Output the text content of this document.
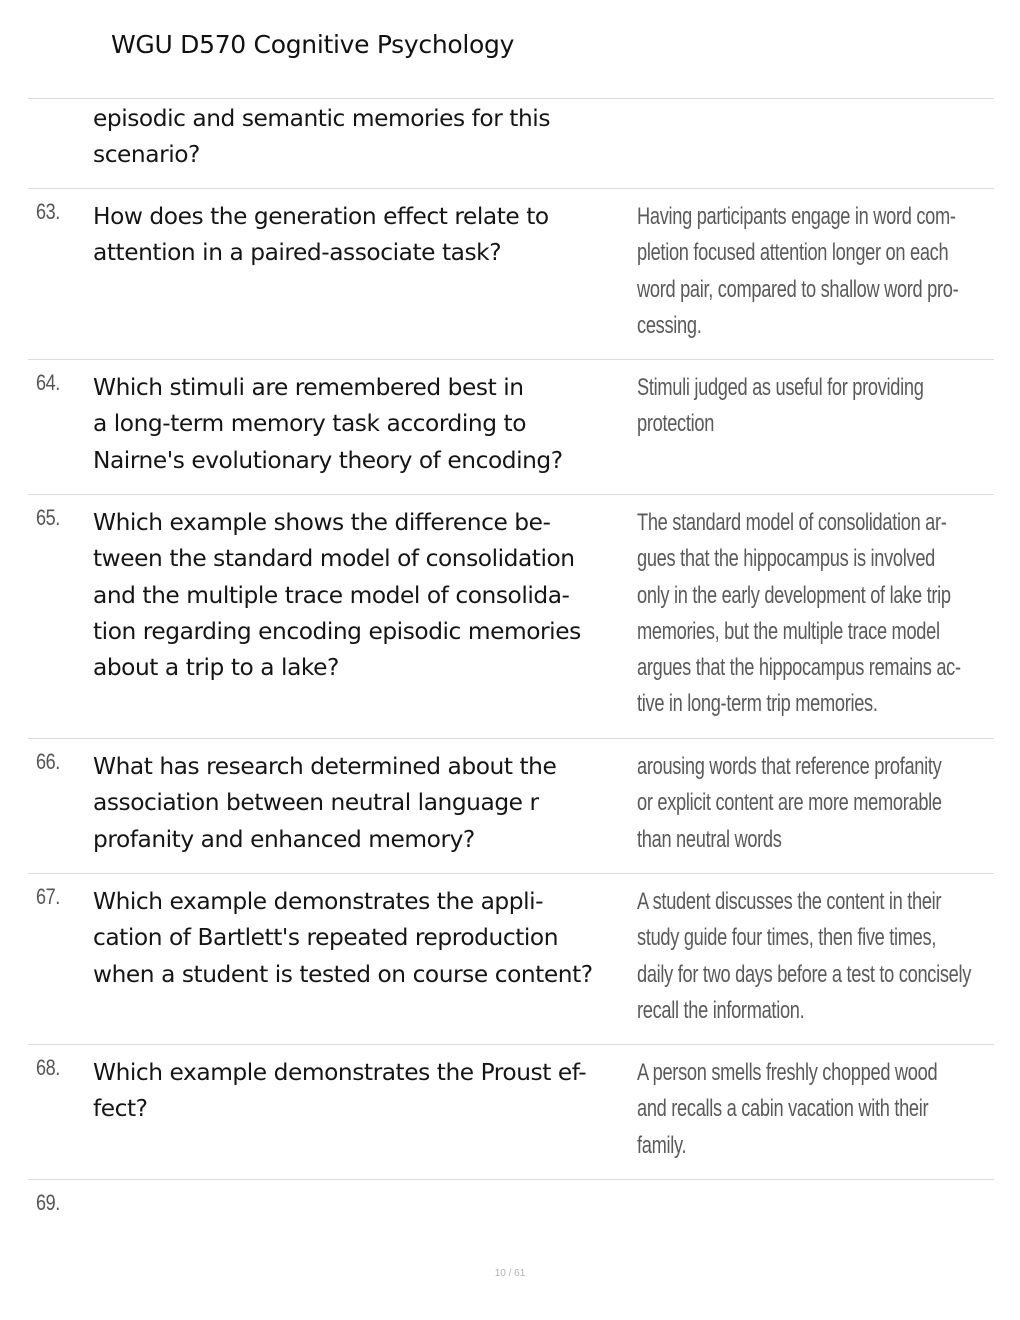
WGU D570 Cognitive Psychology
episodic and semantic memories for this
scenario?
63. How does the generation effect relate to
attention in a paired-associate task?
Having participants engage in word com-
pletion focused attention longer on each
word pair, compared to shallow word pro-
cessing.
64. Which stimuli are remembered best in
a long-term memory task according to
Nairne's evolutionary theory of encoding?
Stimuli judged as useful for providing
protection
65. Which example shows the difference be-
tween the standard model of consolidation
and the multiple trace model of consolida-
tion regarding encoding episodic memories
about a trip to a lake?
The standard model of consolidation ar-
gues that the hippocampus is involved
only in the early development of lake trip
memories, but the multiple trace model
argues that the hippocampus remains ac-
tive in long-term trip memories.
66. What has research determined about the
association between neutral language r
profanity and enhanced memory?
arousing words that reference profanity
or explicit content are more memorable
than neutral words
67. Which example demonstrates the appli-
cation of Bartlett's repeated reproduction
when a student is tested on course content?
A student discusses the content in their
study guide four times, then five times,
daily for two days before a test to concisely
recall the information.
68. Which example demonstrates the Proust ef-
fect?
A person smells freshly chopped wood
and recalls a cabin vacation with their
family.
69.
10 / 61
